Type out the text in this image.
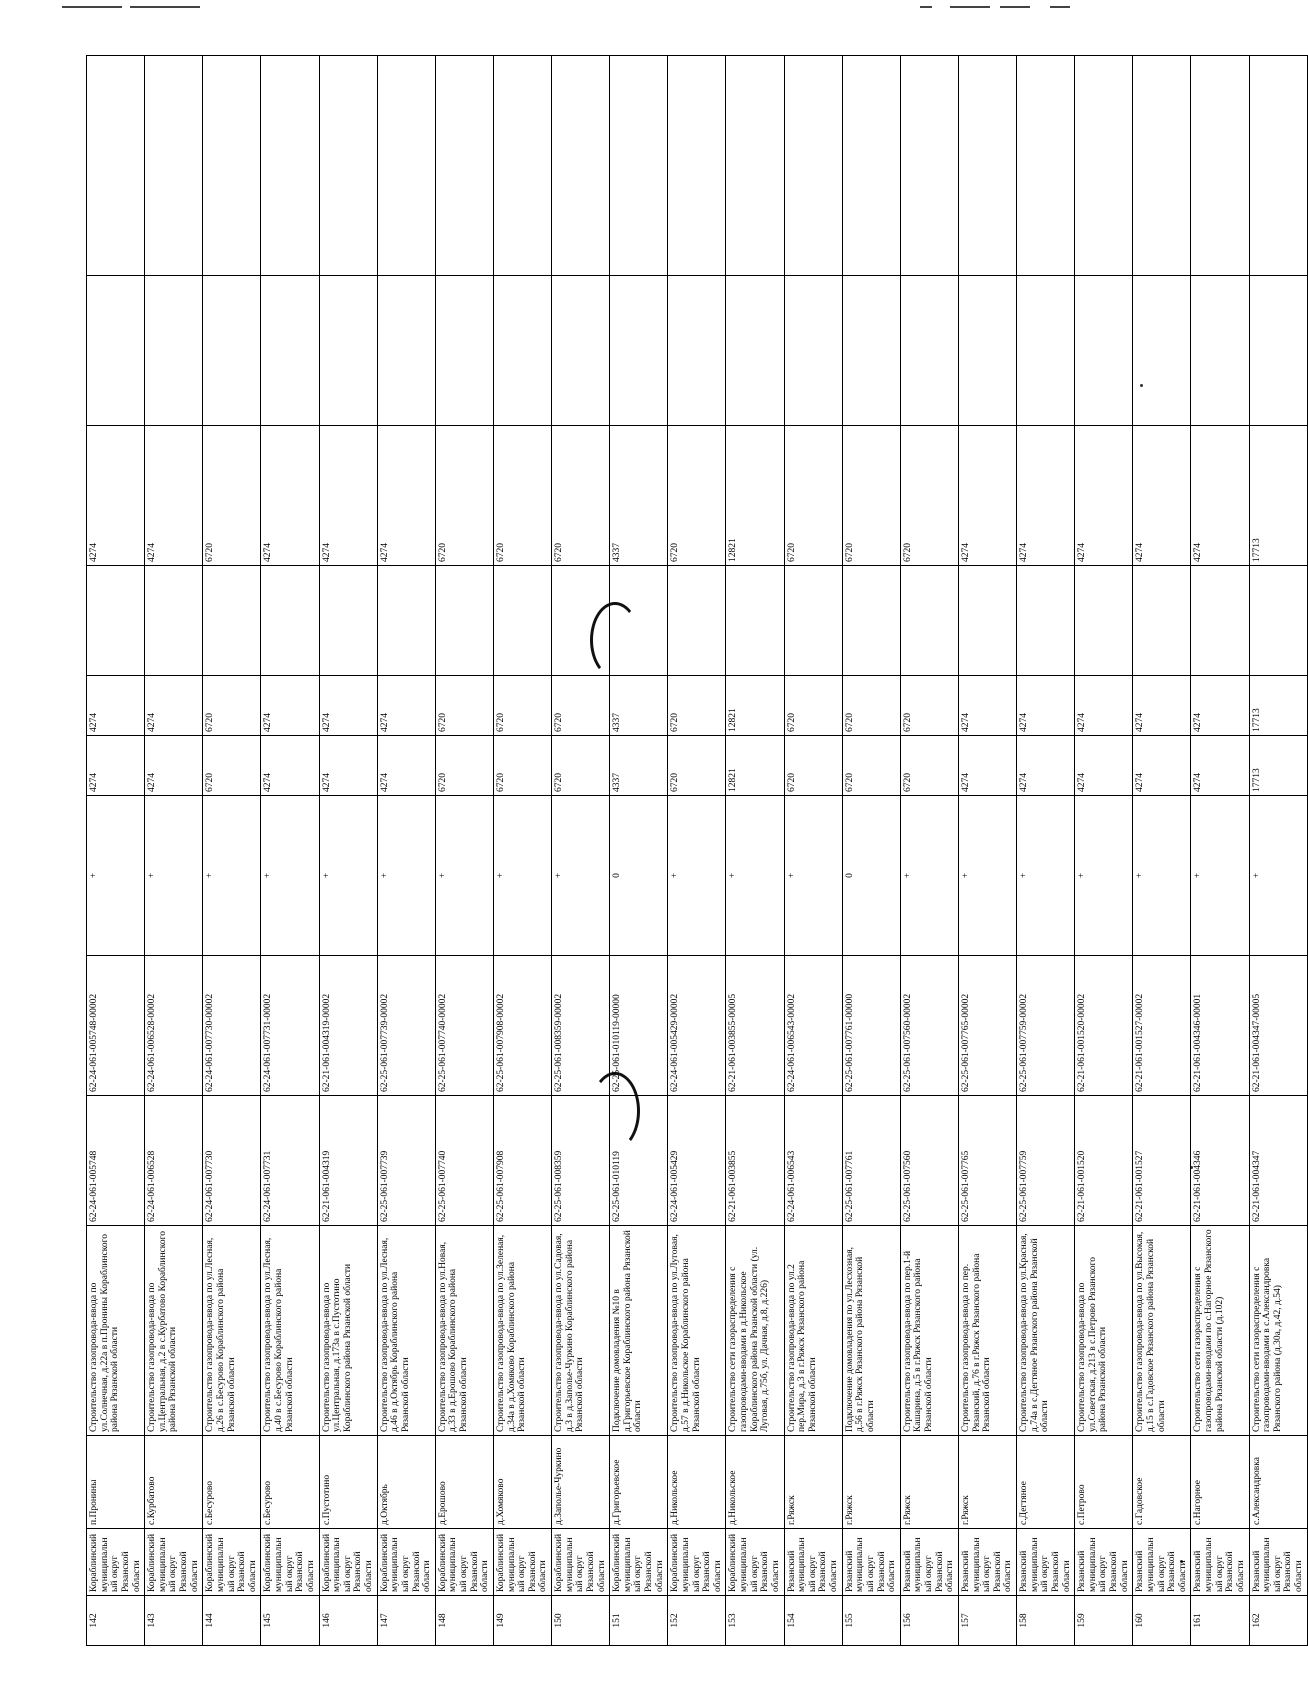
142	Кораблинский муниципальный округ Рязанской области	п.Пронины	Строительство газопровода-ввода по ул.Солнечная, д.22а в п.Пронины Кораблинского района Рязанской области	62-24-061-005748	62-24-061-005748-00002	+	4274	4274		4274		
143	Кораблинский муниципальный округ Рязанской области	с.Курбатово	Строительство газопровода-ввода по ул.Центральная, д.2 в с.Курбатово Кораблинского района Рязанской области	62-24-061-006528	62-24-061-006528-00002	+	4274	4274		4274		
144	Кораблинский муниципальный округ Рязанской области	с.Бесурово	Строительство газопровода-ввода по ул.Лесная, д.26 в с.Бесурово Кораблинского района Рязанской области	62-24-061-007730	62-24-061-007730-00002	+	6720	6720		6720		
145	Кораблинский муниципальный округ Рязанской области	с.Бесурово	Строительство газопровода-ввода по ул.Лесная, д.40 в с.Бесурово Кораблинского района Рязанской области	62-24-061-007731	62-24-061-007731-00002	+	4274	4274		4274		
146	Кораблинский муниципальный округ Рязанской области	с.Пустотино	Строительство газопровода-ввода по ул.Центральная, д.173а в с.Пустотино Кораблинского района Рязанской области	62-21-061-004319	62-21-061-004319-00002	+	4274	4274		4274		
147	Кораблинский муниципальный округ Рязанской области	д.Октябрь	Строительство газопровода-ввода по ул.Лесная, д.46 в д.Октябрь Кораблинского района Рязанской области	62-25-061-007739	62-25-061-007739-00002	+	4274	4274		4274		
148	Кораблинский муниципальный округ Рязанской области	д.Ерошово	Строительство газопровода-ввода по ул.Новая, д.33 в д.Ерошово Кораблинского района Рязанской области	62-25-061-007740	62-25-061-007740-00002	+	6720	6720		6720		
149	Кораблинский муниципальный округ Рязанской области	д.Хомяково	Строительство газопровода-ввода по ул.Зеленая, д.34а в д.Хомяково Кораблинского района Рязанской области	62-25-061-007908	62-25-061-007908-00002	+	6720	6720		6720		
150	Кораблинский муниципальный округ Рязанской области	д.Заполье-Чуркино	Строительство газопровода-ввода по ул.Садовая, д.3 в д.Заполье-Чуркино Кораблинского района Рязанской области	62-25-061-008359	62-25-061-008359-00002	+	6720	6720		6720		
151	Кораблинский муниципальный округ Рязанской области	д.Григорьевское	Подключение домовладения №10 в д.Григорьевское Кораблинского района Рязанской области	62-25-061-010119	62-25-061-010119-00000	0	4337	4337		4337		
152	Кораблинский муниципальный округ Рязанской области	д.Никольское	Строительство газопровода-ввода по ул.Луговая, д.57 в д.Никольское Кораблинского района Рязанской области	62-24-061-005429	62-24-061-005429-00002	+	6720	6720		6720		
153	Кораблинский муниципальный округ Рязанской области	д.Никольское	Строительство сети газораспределения с газопроводами-вводами в д.Никольское Кораблинского района Рязанской области (ул. Луговая, д.75б, ул. Дачная, д.8, д.226)	62-21-061-003855	62-21-061-003855-00005	+	12821	12821		12821		
154	Рязанский муниципальный округ Рязанской области	г.Ряжск	Строительство газопровода-ввода по ул.2 пер.Мира, д.3 в г.Ряжск Рязанского района Рязанской области	62-24-061-006543	62-24-061-006543-00002	+	6720	6720		6720		
155	Рязанский муниципальный округ Рязанской области	г.Ряжск	Подключение домовладения по ул.Лесхозная, д.56 в г.Ряжск Рязанского района Рязанской области	62-25-061-007761	62-25-061-007761-00000	0	6720	6720		6720		
156	Рязанский муниципальный округ Рязанской области	г.Ряжск	Строительство газопровода-ввода по пер.1-й Кашарина, д.5 в г.Ряжск Рязанского района Рязанской области	62-25-061-007560	62-25-061-007560-00002	+	6720	6720		6720		
157	Рязанский муниципальный округ Рязанской области	г.Ряжск	Строительство газопровода-ввода по пер. Рязанский, д.76 в г.Ряжск Рязанского района Рязанской области	62-25-061-007765	62-25-061-007765-00002	+	4274	4274		4274		
158	Рязанский муниципальный округ Рязанской области	с.Дегтяное	Строительство газопровода-ввода по ул.Красная, д.74а в с.Дегтяное Рязанского района Рязанской области	62-25-061-007759	62-25-061-007759-00002	+	4274	4274		4274		
159	Рязанский муниципальный округ Рязанской области	с.Петрово	Строительство газопровода-ввода по ул.Советская, д.213 в с.Петрово Рязанского района Рязанской области	62-21-061-001520	62-21-061-001520-00002	+	4274	4274		4274		
160	Рязанский муниципальный округ Рязанской области	с.Гадовское	Строительство газопровода-ввода по ул.Высокая, д.15 в с.Гадовское Рязанского района Рязанской области	62-21-061-001527	62-21-061-001527-00002	+	4274	4274		4274		
161	Рязанский муниципальный округ Рязанской области	с.Нагорное	Строительство сети газораспределения с газопроводами-вводами по с.Нагорное Рязанского района Рязанской области (д.102)	62-21-061-004346	62-21-061-004346-00001	+	4274	4274		4274		
162	Рязанский муниципальный округ Рязанской области	с.Александровка	Строительство сети газораспределения с газопроводами-вводами в с.Александровка Рязанского района (д.30а, д.42, д.54)	62-21-061-004347	62-21-061-004347-00005	+	17713	17713		17713		
